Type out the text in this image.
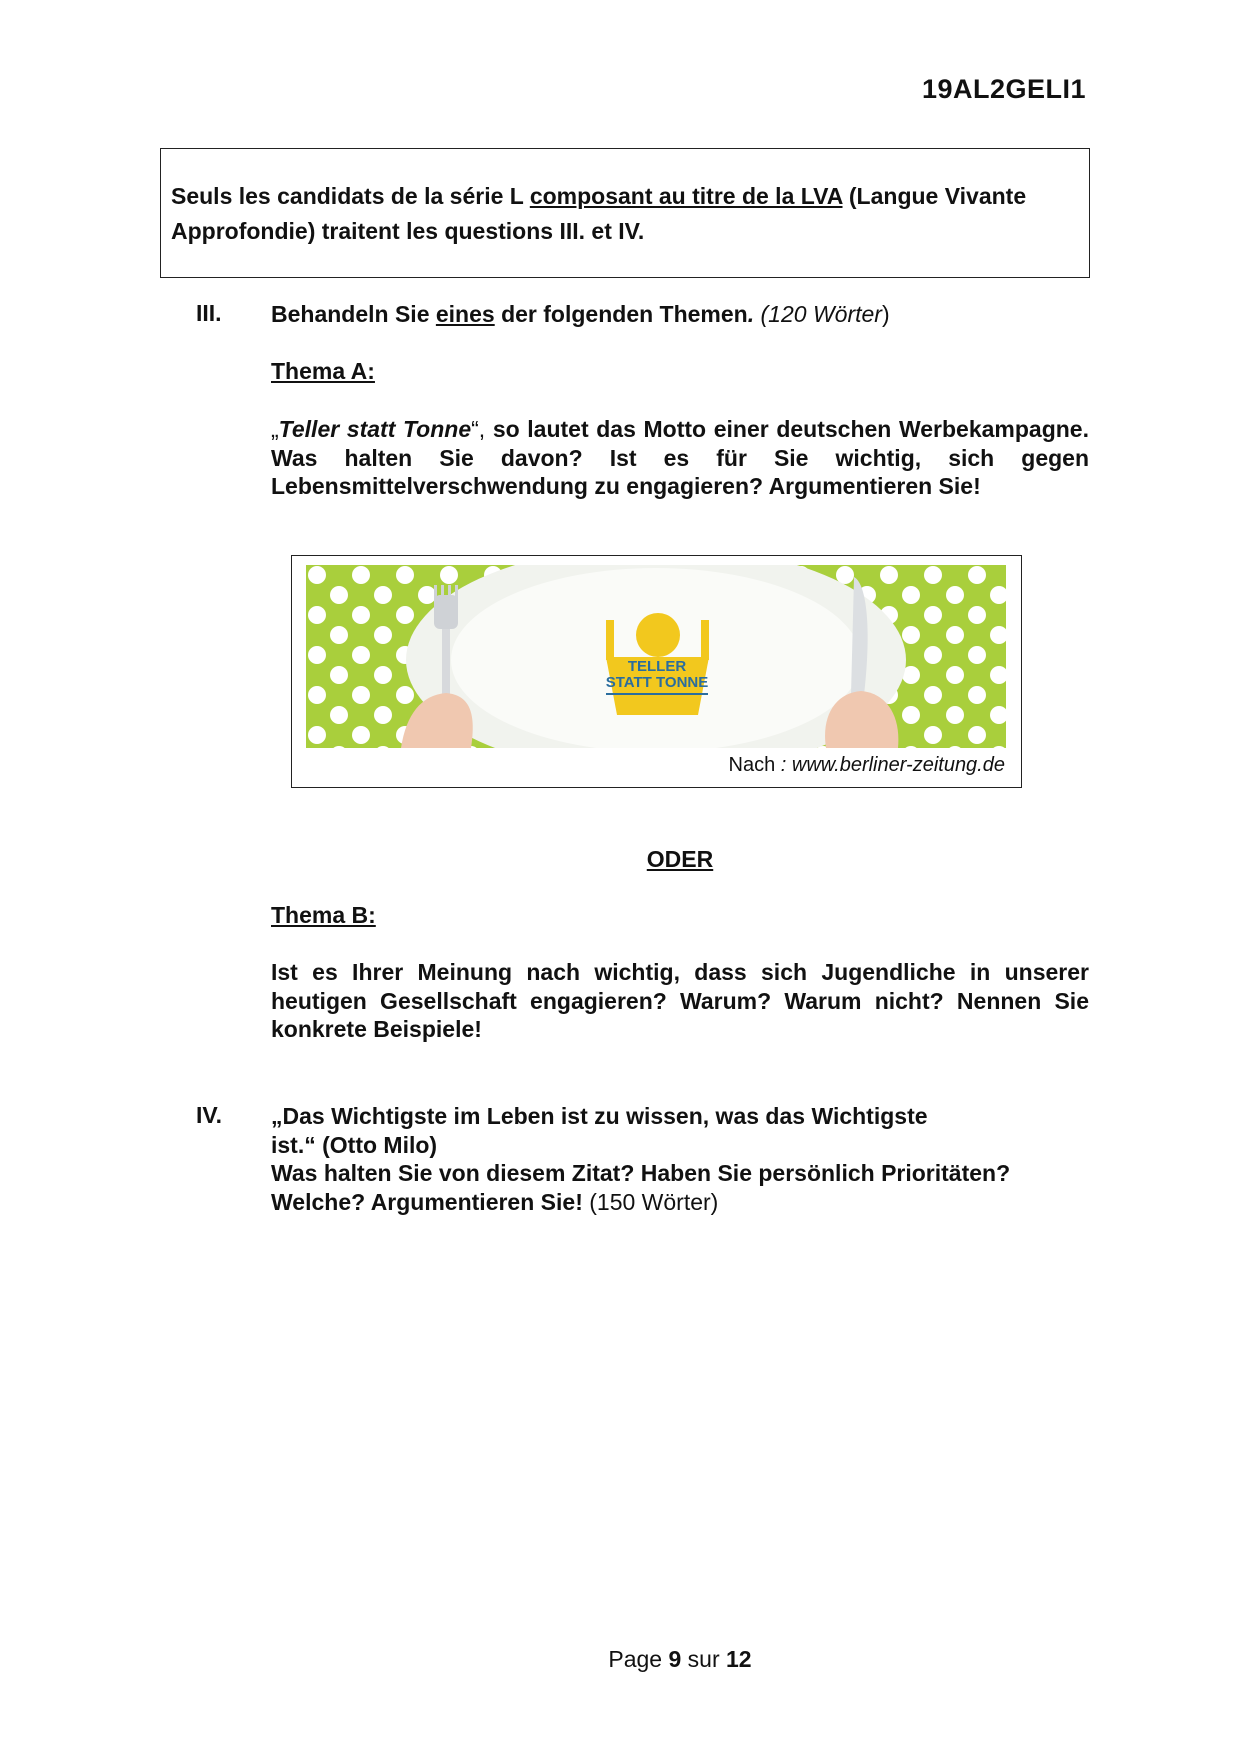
19AL2GELI1
Seuls les candidats de la série L composant au titre de la LVA (Langue Vivante Approfondie) traitent les questions III. et IV.
III. Behandeln Sie eines der folgenden Themen. (120 Wörter)
Thema A:
„Teller statt Tonne“, so lautet das Motto einer deutschen Werbekampagne. Was halten Sie davon? Ist es für Sie wichtig, sich gegen Lebensmittelverschwendung zu engagieren? Argumentieren Sie!
TELLER
STATT TONNE
Nach : www.berliner-zeitung.de
ODER
Thema B:
Ist es Ihrer Meinung nach wichtig, dass sich Jugendliche in unserer heutigen Gesellschaft engagieren? Warum? Warum nicht? Nennen Sie konkrete Beispiele!
IV. „Das Wichtigste im Leben ist zu wissen, was das Wichtigste
ist.“ (Otto Milo)
Was halten Sie von diesem Zitat? Haben Sie persönlich Prioritäten?
Welche? Argumentieren Sie! (150 Wörter)
Page 9 sur 12
